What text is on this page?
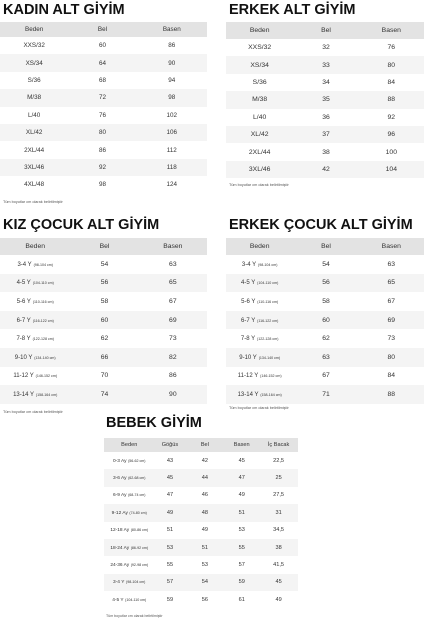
KADIN ALT GİYİM
Beden	Bel	Basen
XXS/32	60	86
XS/34	64	90
S/36	68	94
M/38	72	98
L/40	76	102
XL/42	80	106
2XL/44	86	112
3XL/46	92	118
4XL/48	98	124
Tüm boyutlar cm olarak belirtilmiştir
ERKEK ALT GİYİM
Beden	Bel	Basen
XXS/32	32	76
XS/34	33	80
S/36	34	84
M/38	35	88
L/40	36	92
XL/42	37	96
2XL/44	38	100
3XL/46	42	104
Tüm boyutlar cm olarak belirtilmiştir
KIZ ÇOCUK ALT GİYİM
Beden	Bel	Basen
3-4 Y (98-104 cm)	54	63
4-5 Y (104-110 cm)	56	65
5-6 Y (110-116 cm)	58	67
6-7 Y (116-122 cm)	60	69
7-8 Y (122-128 cm)	62	73
9-10 Y (134-140 cm)	66	82
11-12 Y (146-152 cm)	70	86
13-14 Y (158-164 cm)	74	90
Tüm boyutlar cm olarak belirtilmiştir
ERKEK ÇOCUK ALT GİYİM
Beden	Bel	Basen
3-4 Y (98-104 cm)	54	63
4-5 Y (104-110 cm)	56	65
5-6 Y (110-116 cm)	58	67
6-7 Y (116-122 cm)	60	69
7-8 Y (122-128 cm)	62	73
9-10 Y (134-140 cm)	63	80
11-12 Y (146-152 cm)	67	84
13-14 Y (158-164 cm)	71	88
Tüm boyutlar cm olarak belirtilmiştir
BEBEK GİYİM
Beden	Göğüs	Bel	Basen	İç Bacak
0-3 Ay (56-62 cm)	43	42	45	22,5
3-6 Ay (62-68 cm)	45	44	47	25
6-9 Ay (68-74 cm)	47	46	49	27,5
9-12 Ay (74-80 cm)	49	48	51	31
12-18 Ay (80-86 cm)	51	49	53	34,5
18-24 Ay (86-92 cm)	53	51	55	38
24-36 Ay (92-98 cm)	55	53	57	41,5
3-4 Y (98-104 cm)	57	54	59	45
4-5 Y (104-110 cm)	59	56	61	49
Tüm boyutlar cm olarak belirtilmiştir
